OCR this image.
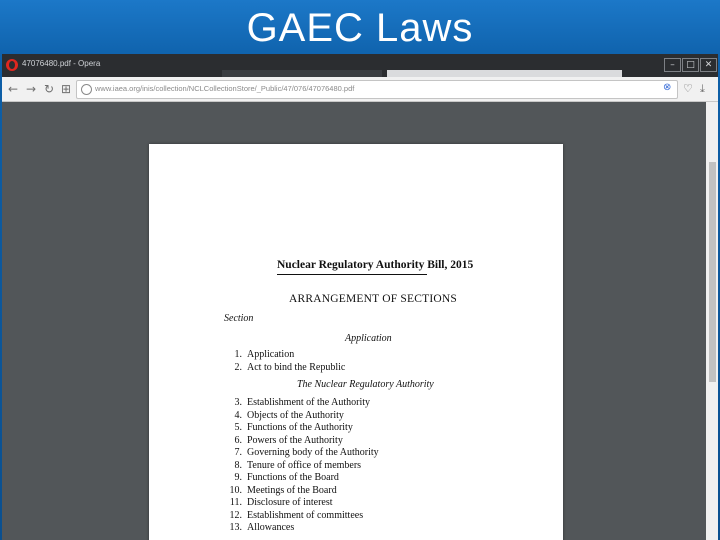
GAEC Laws
47076480.pdf - Opera	–	□	✕
← → ↻ ⊞	www.iaea.org/inis/collection/NCLCollectionStore/_Public/47/076/47076480.pdf	⊗ ♡ ⤓
Nuclear Regulatory Authority Bill, 2015
ARRANGEMENT OF SECTIONS
Section
Application
1. Application
2. Act to bind the Republic
The Nuclear Regulatory Authority
3. Establishment of the Authority
4. Objects of the Authority
5. Functions of the Authority
6. Powers of the Authority
7. Governing body of the Authority
8. Tenure of office of members
9. Functions of the Board
10. Meetings of the Board
11. Disclosure of interest
12. Establishment of committees
13. Allowances
